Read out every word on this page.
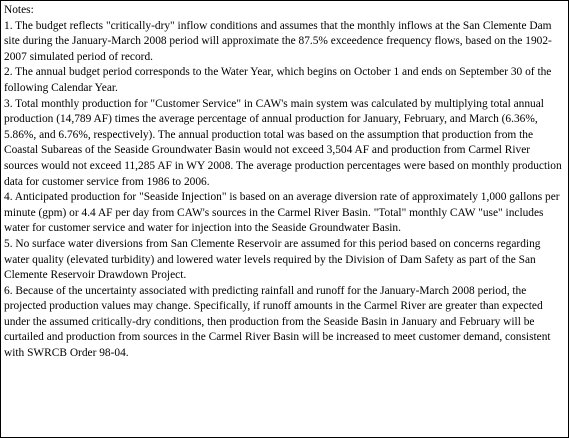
Notes:

1. The budget reflects "critically-dry" inflow conditions and assumes that the monthly inflows at the San Clemente Dam site during the January-March 2008 period will approximate the 87.5% exceedence frequency flows, based on the 1902-2007 simulated period of record.

2. The annual budget period corresponds to the Water Year, which begins on October 1 and ends on September 30 of the following Calendar Year.

3. Total monthly production for "Customer Service" in CAW's main system was calculated by multiplying total annual production (14,789 AF) times the average percentage of annual production for January, February, and March (6.36%, 5.86%, and 6.76%, respectively). The annual production total was based on the assumption that production from the Coastal Subareas of the Seaside Groundwater Basin would not exceed 3,504 AF and production from Carmel River sources would not exceed 11,285 AF in WY 2008. The average production percentages were based on monthly production data for customer service from 1986 to 2006.

4. Anticipated production for "Seaside Injection" is based on an average diversion rate of approximately 1,000 gallons per minute (gpm) or 4.4 AF per day from CAW's sources in the Carmel River Basin. "Total" monthly CAW "use" includes water for customer service and water for injection into the Seaside Groundwater Basin.

5. No surface water diversions from San Clemente Reservoir are assumed for this period based on concerns regarding water quality (elevated turbidity) and lowered water levels required by the Division of Dam Safety as part of the San Clemente Reservoir Drawdown Project.

6. Because of the uncertainty associated with predicting rainfall and runoff for the January-March 2008 period, the projected production values may change. Specifically, if runoff amounts in the Carmel River are greater than expected under the assumed critically-dry conditions, then production from the Seaside Basin in January and February will be curtailed and production from sources in the Carmel River Basin will be increased to meet customer demand, consistent with SWRCB Order 98-04.
